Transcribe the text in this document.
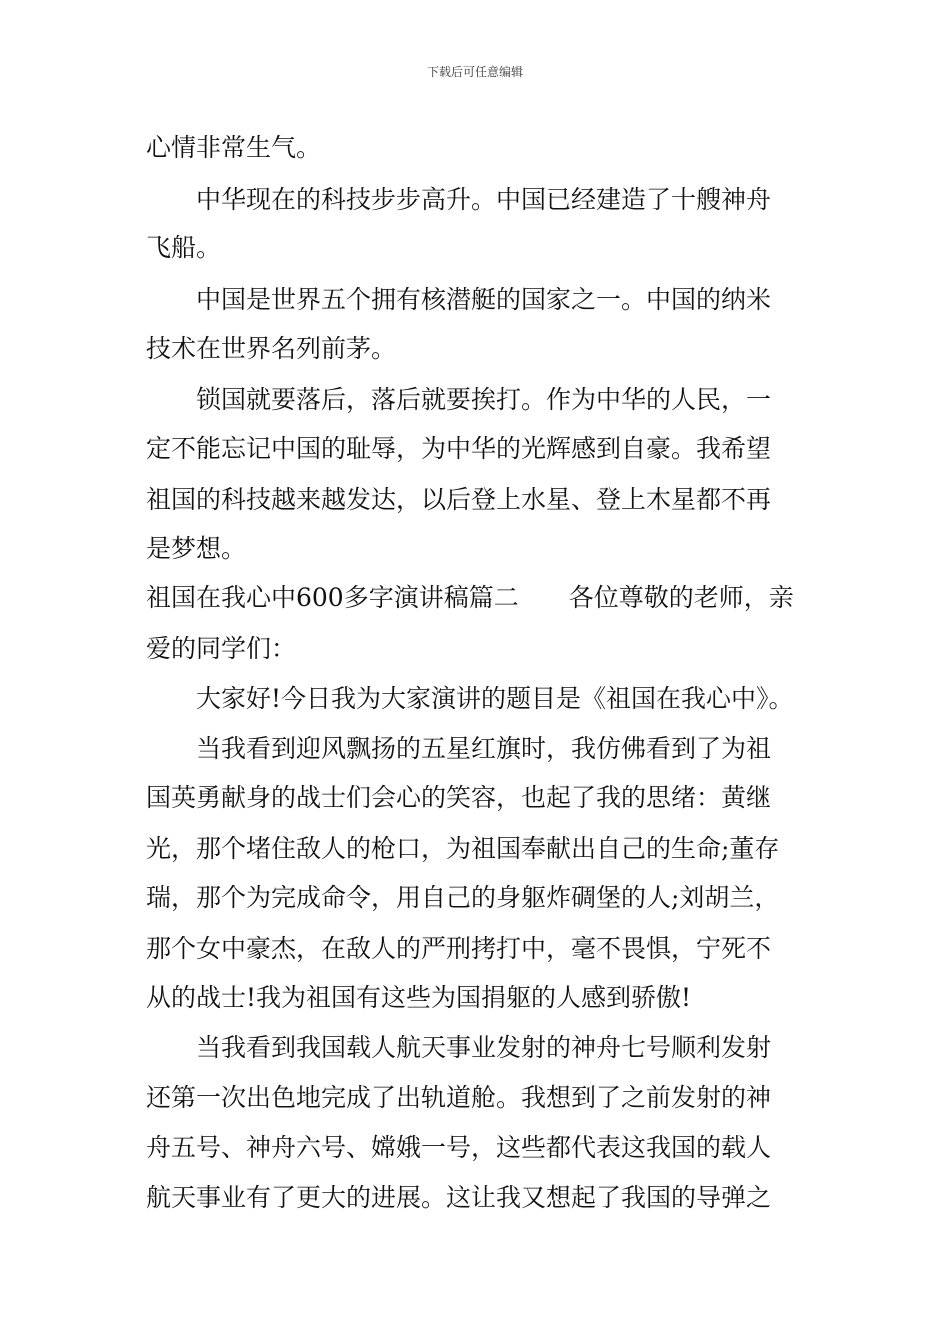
下载后可任意编辑
心情非常生气。
中华现在的科技步步高升。中国已经建造了十艘神舟
飞船。
中国是世界五个拥有核潜艇的国家之一。中国的纳米
技术在世界名列前茅。
锁国就要落后，落后就要挨打。作为中华的人民，一
定不能忘记中国的耻辱，为中华的光辉感到自豪。我希望
祖国的科技越来越发达，以后登上水星、登上木星都不再
是梦想。
祖国在我心中600多字演讲稿篇二　　各位尊敬的老师，亲
爱的同学们：
大家好!今日我为大家演讲的题目是《祖国在我心中》。
当我看到迎风飘扬的五星红旗时，我仿佛看到了为祖
国英勇献身的战士们会心的笑容，也起了我的思绪：黄继
光，那个堵住敌人的枪口，为祖国奉献出自己的生命;董存
瑞，那个为完成命令，用自己的身躯炸碉堡的人;刘胡兰，
那个女中豪杰，在敌人的严刑拷打中，毫不畏惧，宁死不
从的战士!我为祖国有这些为国捐躯的人感到骄傲!
当我看到我国载人航天事业发射的神舟七号顺利发射
还第一次出色地完成了出轨道舱。我想到了之前发射的神
舟五号、神舟六号、嫦娥一号，这些都代表这我国的载人
航天事业有了更大的进展。这让我又想起了我国的导弹之
